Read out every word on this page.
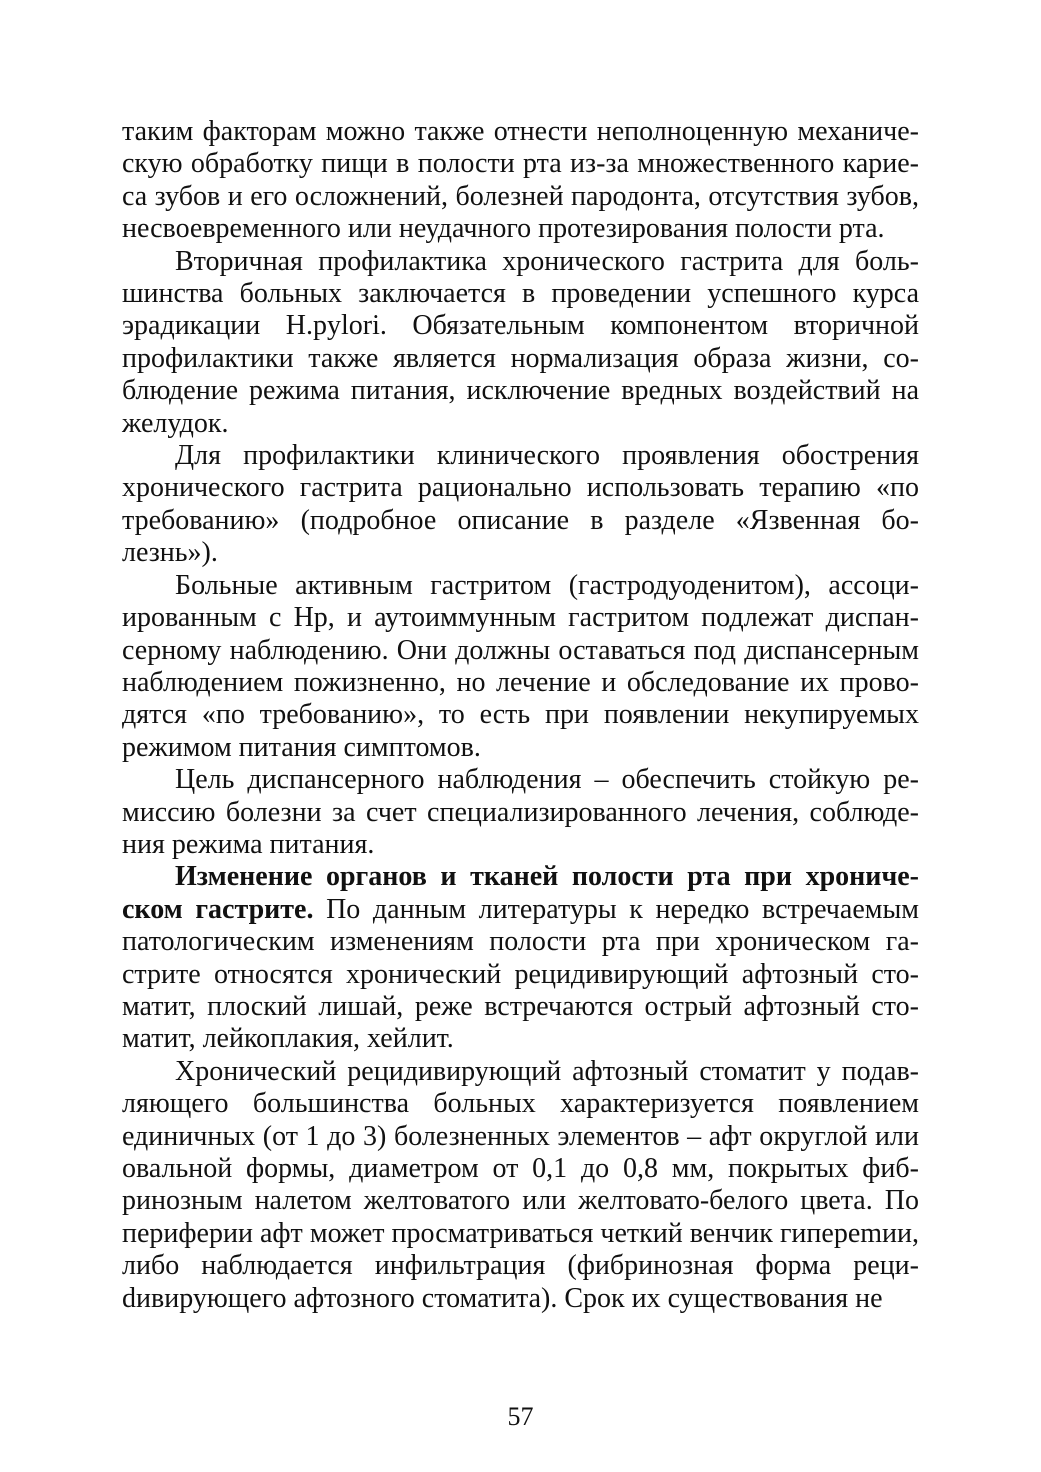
таким факторам можно также отнести неполноценную механическую обработку пищи в полости рта из-за множественного кариеса зубов и его осложнений, болезней пародонта, отсутствия зубов, несвоевременного или неудачного протезирования полости рта.

Вторичная профилактика хронического гастрита для большинства больных заключается в проведении успешного курса эрадикации H.pylori. Обязательным компонентом вторичной профилактики также является нормализация образа жизни, соблюдение режима питания, исключение вредных воздействий на желудок.

Для профилактики клинического проявления обострения хронического гастрита рационально использовать терапию «по требованию» (подробное описание в разделе «Язвенная болезнь»).

Больные активным гастритом (гастродуоденитом), ассоциированным с Hp, и аутоиммунным гастритом подлежат диспансерному наблюдению. Они должны оставаться под диспансерным наблюдением пожизненно, но лечение и обследование их проводятся «по требованию», то есть при появлении некупируемых режимом питания симптомов.

Цель диспансерного наблюдения – обеспечить стойкую ремиссию болезни за счет специализированного лечения, соблюдения режима питания.

Изменение органов и тканей полости рта при хроническом гастрите. По данным литературы к нередко встречаемым патологическим изменениям полости рта при хроническом гастрите относятся хронический рецидивирующий афтозный стоматит, плоский лишай, реже встречаются острый афтозный стоматит, лейкоплакия, хейлит.

Хронический рецидивирующий афтозный стоматит у подавляющего большинства больных характеризуется появлением единичных (от 1 до 3) болезненных элементов – афт округлой или овальной формы, диаметром от 0,1 до 0,8 мм, покрытых фибринозным налетом желтоватого или желтовато-белого цвета. По периферии афт может просматриваться четкий венчик гипереmии, либо наблюдается инфильтрация (фибринозная форма рециdивирующего афтозного стоматита). Срок их существования не

57
